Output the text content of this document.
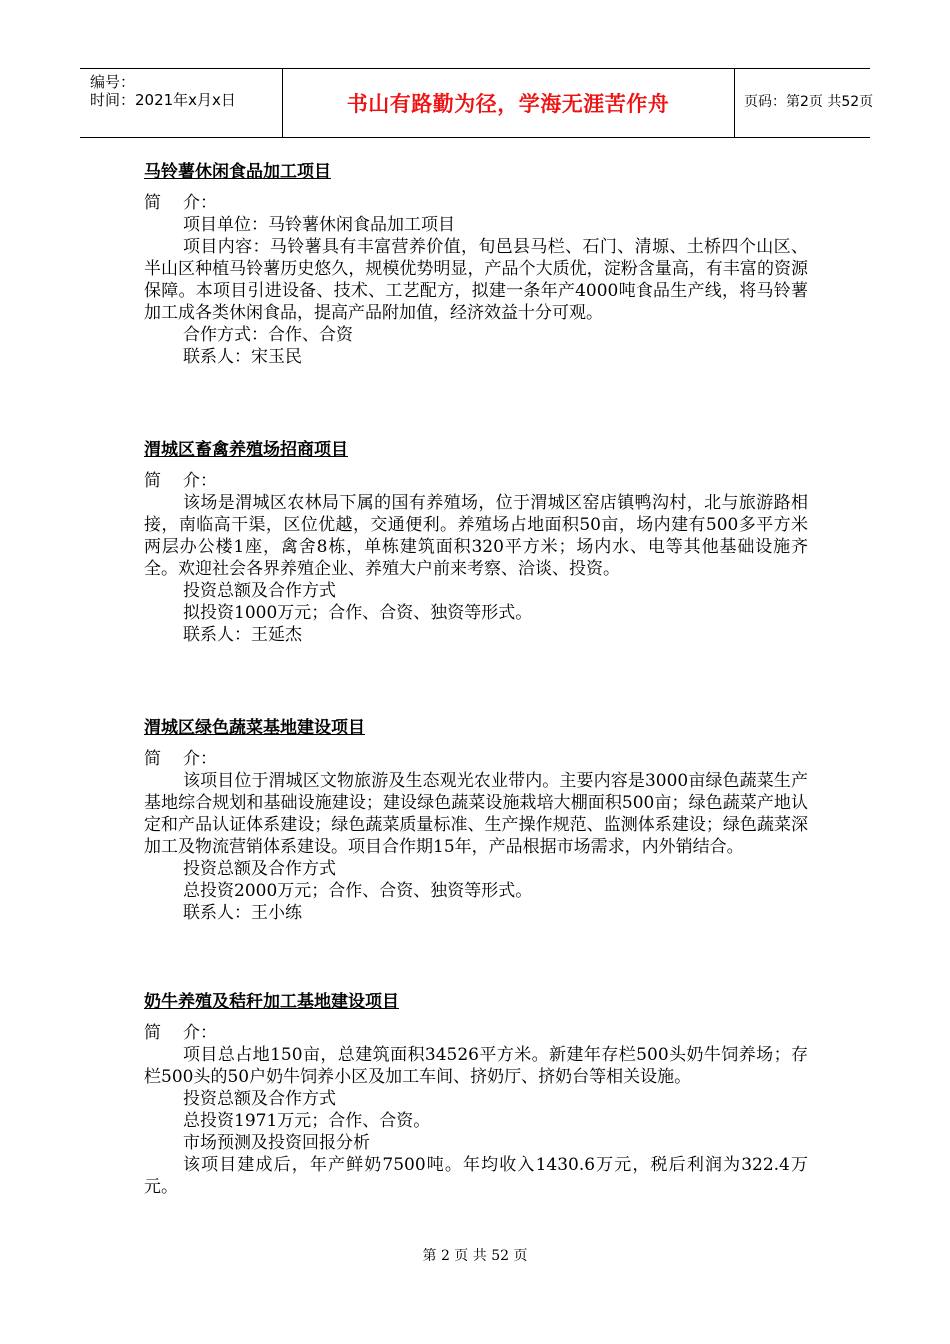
编号：
时间：2021年x月x日	书山有路勤为径，学海无涯苦作舟	页码：第2页 共52页

马铃薯休闲食品加工项目

简 介：

项目单位：马铃薯休闲食品加工项目

项目内容：马铃薯具有丰富营养价值，旬邑县马栏、石门、清塬、土桥四个山区、半山区种植马铃薯历史悠久，规模优势明显，产品个大质优，淀粉含量高，有丰富的资源保障。本项目引进设备、技术、工艺配方，拟建一条年产4000吨食品生产线，将马铃薯加工成各类休闲食品，提高产品附加值，经济效益十分可观。

合作方式：合作、合资

联系人：宋玉民

渭城区畜禽养殖场招商项目

简 介：

该场是渭城区农林局下属的国有养殖场，位于渭城区窑店镇鸭沟村，北与旅游路相接，南临高干渠，区位优越，交通便利。养殖场占地面积50亩，场内建有500多平方米两层办公楼1座，禽舍8栋，单栋建筑面积320平方米；场内水、电等其他基础设施齐全。欢迎社会各界养殖企业、养殖大户前来考察、洽谈、投资。

投资总额及合作方式

拟投资1000万元；合作、合资、独资等形式。

联系人：王延杰

渭城区绿色蔬菜基地建设项目

简 介：

该项目位于渭城区文物旅游及生态观光农业带内。主要内容是3000亩绿色蔬菜生产基地综合规划和基础设施建设；建设绿色蔬菜设施栽培大棚面积500亩；绿色蔬菜产地认定和产品认证体系建设；绿色蔬菜质量标准、生产操作规范、监测体系建设；绿色蔬菜深加工及物流营销体系建设。项目合作期15年，产品根据市场需求，内外销结合。

投资总额及合作方式

总投资2000万元；合作、合资、独资等形式。

联系人：王小练

奶牛养殖及秸秆加工基地建设项目

简 介：

项目总占地150亩，总建筑面积34526平方米。新建年存栏500头奶牛饲养场；存栏500头的50户奶牛饲养小区及加工车间、挤奶厅、挤奶台等相关设施。

投资总额及合作方式

总投资1971万元；合作、合资。

市场预测及投资回报分析

该项目建成后，年产鲜奶7500吨。年均收入1430.6万元，税后利润为322.4万元。

第 2 页 共 52 页
